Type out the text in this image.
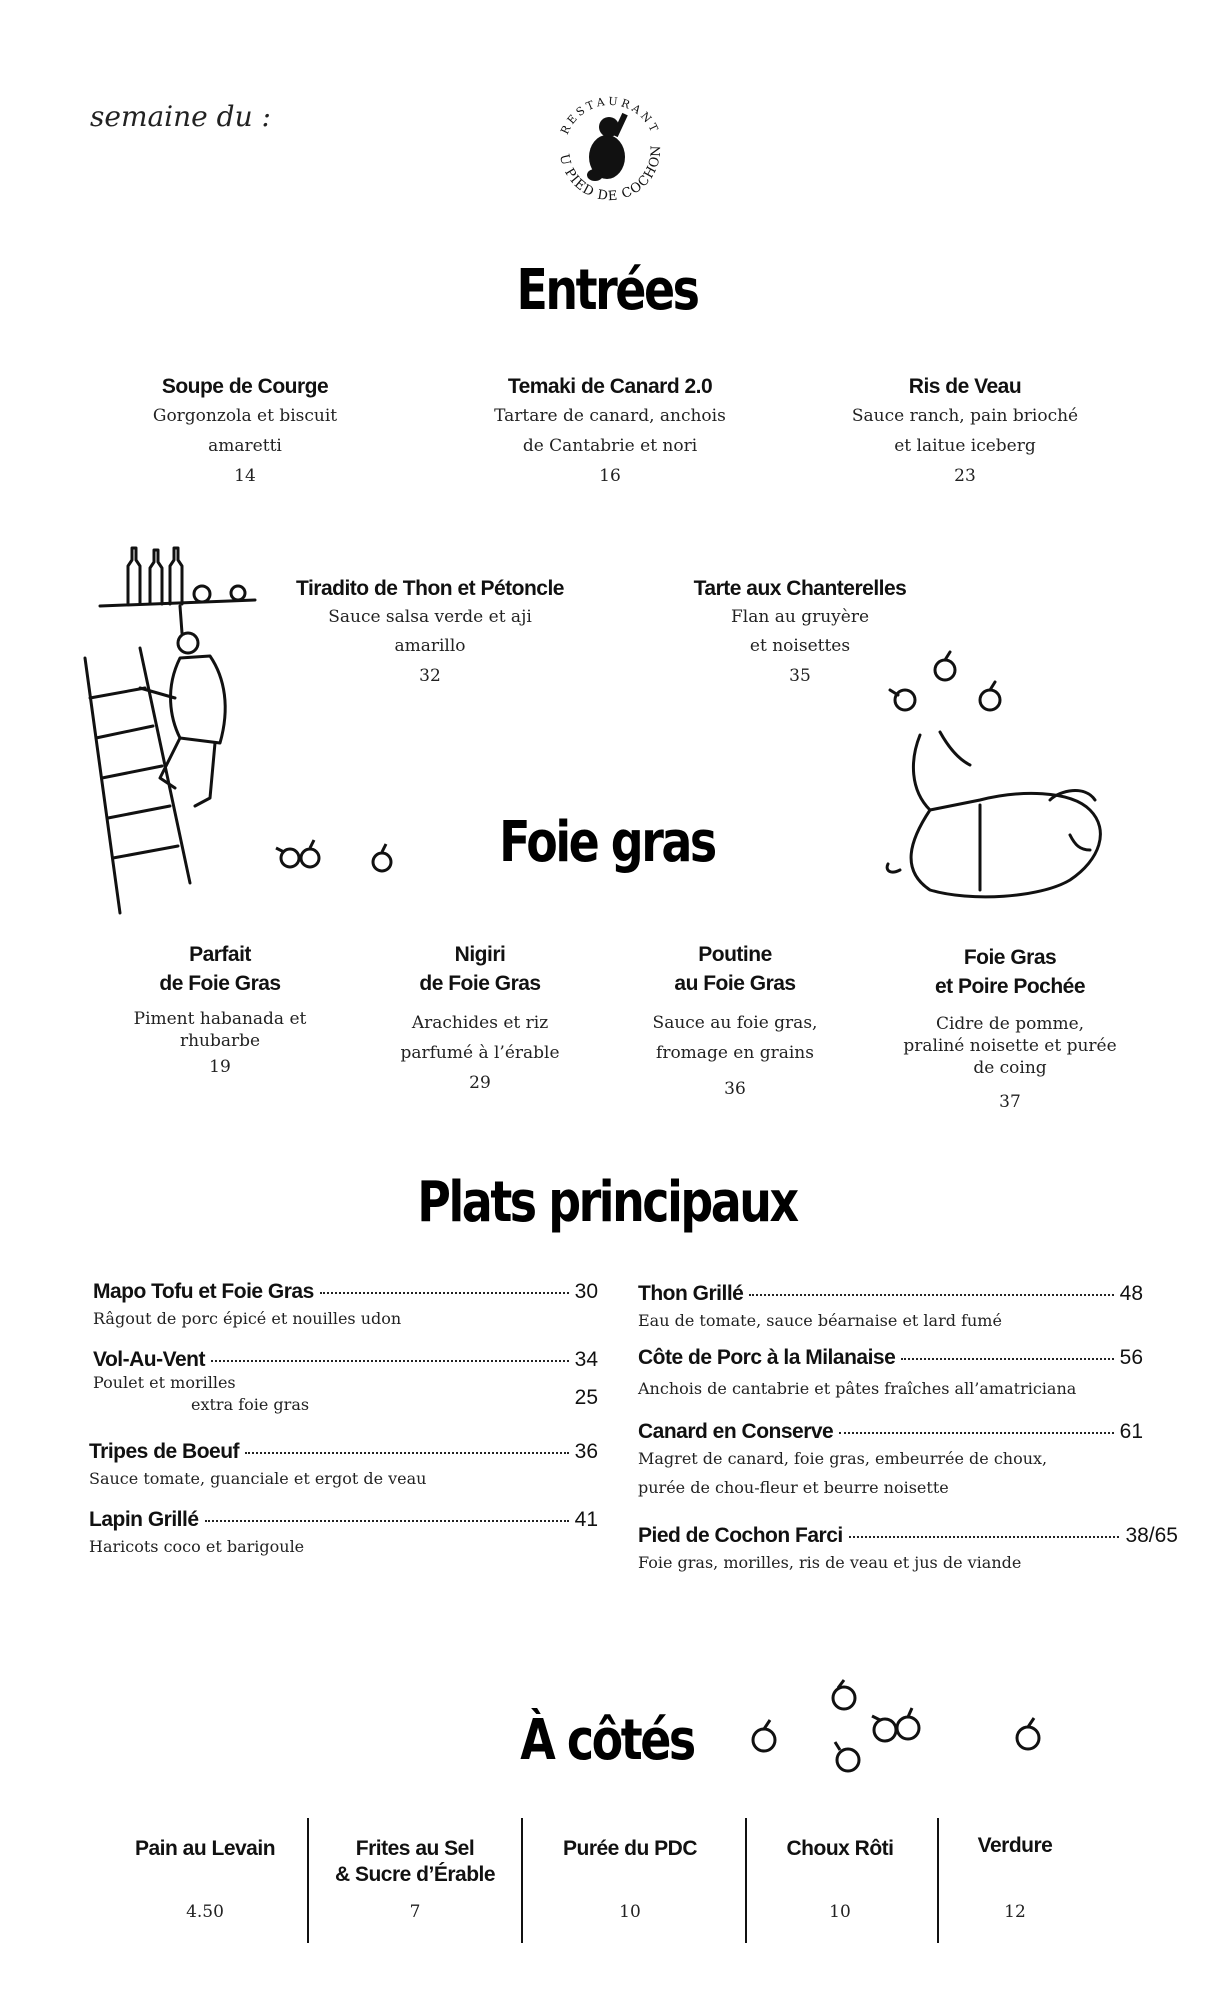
semaine du :	RESTAURANT
AU PIED DE COCHON
Entrées
Soupe de Courge
Gorgonzola et biscuit
amaretti
14
Temaki de Canard 2.0
Tartare de canard, anchois
de Cantabrie et nori
16
Ris de Veau
Sauce ranch, pain brioché
et laitue iceberg
23
Tiradito de Thon et Pétoncle
Sauce salsa verde et aji
amarillo
32
Tarte aux Chanterelles
Flan au gruyère
et noisettes
35
Foie gras
Parfait
de Foie Gras
Piment habanada et
rhubarbe
19
Nigiri
de Foie Gras
Arachides et riz
parfumé à l’érable
29
Poutine
au Foie Gras
Sauce au foie gras,
fromage en grains
36
Foie Gras
et Poire Pochée
Cidre de pomme,
praliné noisette et purée
de coing
37
Plats principaux
Mapo Tofu et Foie Gras	30
Râgout de porc épicé et nouilles udon
Vol-Au-Vent	34
Poulet et morilles
extra foie gras	25
Tripes de Boeuf	36
Sauce tomate, guanciale et ergot de veau
Lapin Grillé	41
Haricots coco et barigoule
Thon Grillé	48
Eau de tomate, sauce béarnaise et lard fumé
Côte de Porc à la Milanaise	56
Anchois de cantabrie et pâtes fraîches all’amatriciana
Canard en Conserve	61
Magret de canard, foie gras, embeurrée de choux,
purée de chou-fleur et beurre noisette
Pied de Cochon Farci	38/65
Foie gras, morilles, ris de veau et jus de viande
À côtés
Pain au Levain
4.50
Frites au Sel
& Sucre d’Érable
7
Purée du PDC
10
Choux Rôti
10
Verdure
12
